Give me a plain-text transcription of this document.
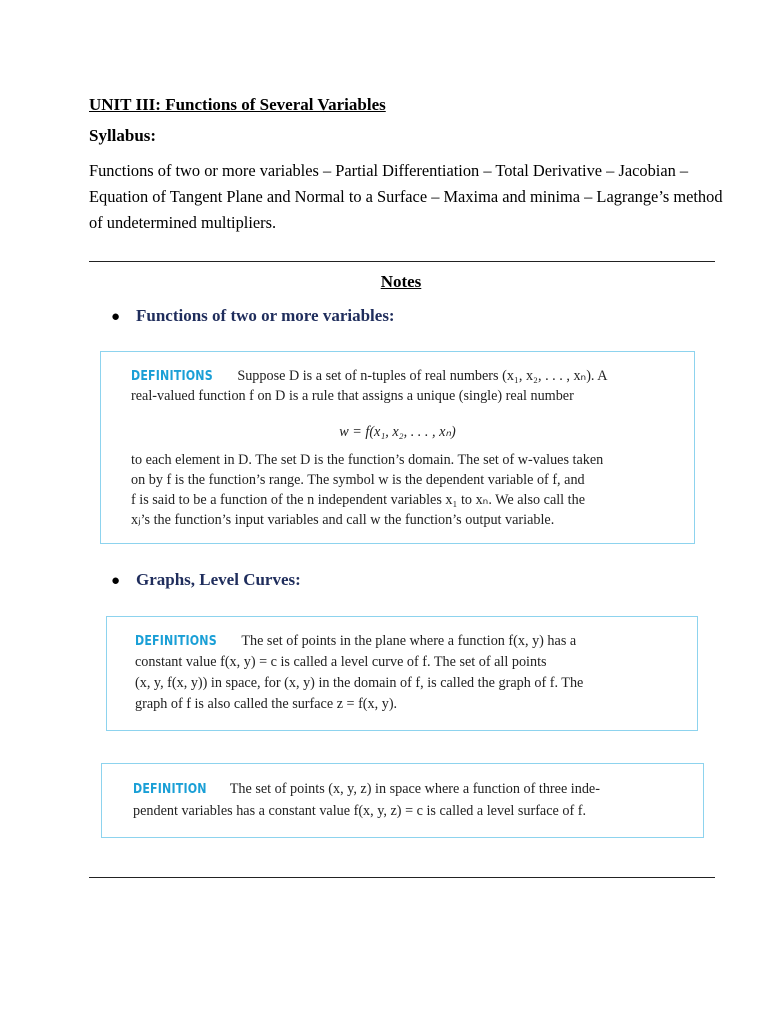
UNIT III: Functions of Several Variables
Syllabus:
Functions of two or more variables – Partial Differentiation – Total Derivative – Jacobian – Equation of Tangent Plane and Normal to a Surface – Maxima and minima – Lagrange’s method of undetermined multipliers.
Notes
● Functions of two or more variables:
DEFINITIONS Suppose D is a set of n-tuples of real numbers (x₁, x₂, . . . , xₙ). A
real-valued function f on D is a rule that assigns a unique (single) real number
w = f(x₁, x₂, . . . , xₙ)
to each element in D. The set D is the function’s domain. The set of w-values taken
on by f is the function’s range. The symbol w is the dependent variable of f, and
f is said to be a function of the n independent variables x₁ to xₙ. We also call the
xⱼ’s the function’s input variables and call w the function’s output variable.
● Graphs, Level Curves:
DEFINITIONS The set of points in the plane where a function f(x, y) has a
constant value f(x, y) = c is called a level curve of f. The set of all points
(x, y, f(x, y)) in space, for (x, y) in the domain of f, is called the graph of f. The
graph of f is also called the surface z = f(x, y).
DEFINITION The set of points (x, y, z) in space where a function of three inde-
pendent variables has a constant value f(x, y, z) = c is called a level surface of f.
